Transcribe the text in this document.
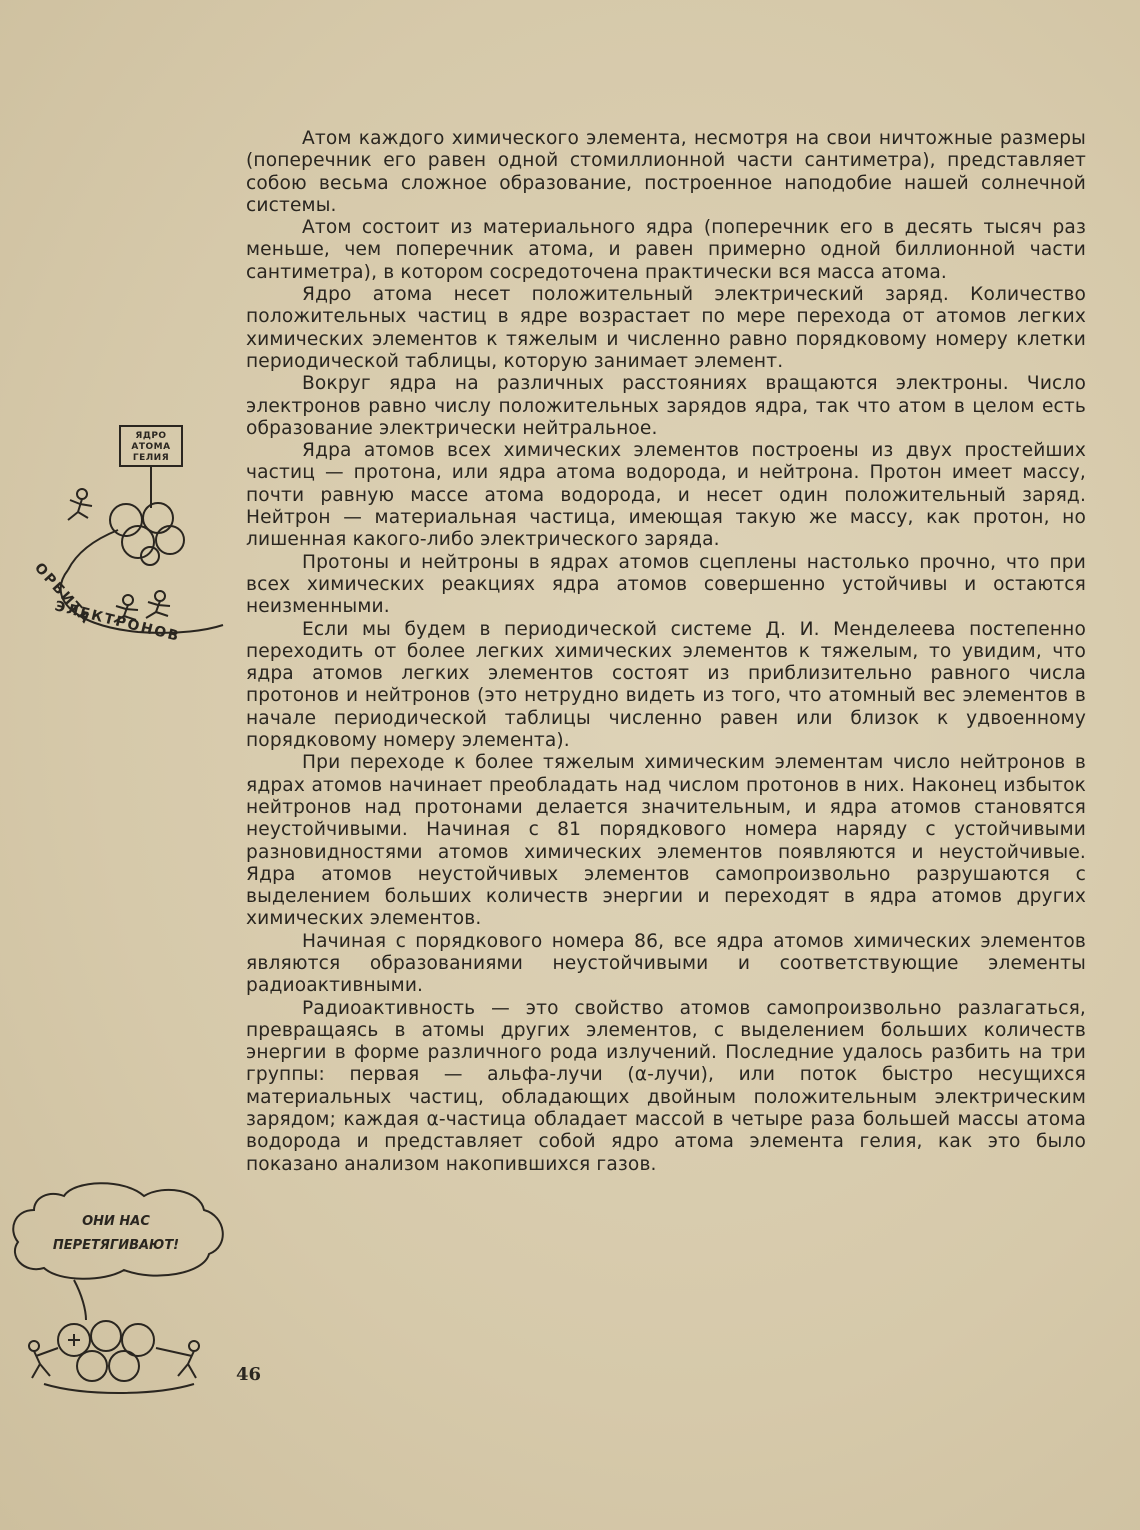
Атом каждого химического элемента, несмотря на свои ничтожные размеры (поперечник его равен одной стомиллионной части сантиметра), представляет собою весьма сложное образование, построенное наподобие нашей солнечной системы.

Атом состоит из материального ядра (поперечник его в десять тысяч раз меньше, чем поперечник атома, и равен примерно одной биллионной части сантиметра), в котором сосредоточена практически вся масса атома.

Ядро атома несет положительный электрический заряд. Количество положительных частиц в ядре возрастает по мере перехода от атомов легких химических элементов к тяжелым и численно равно порядковому номеру клетки периодической таблицы, которую занимает элемент.

Вокруг ядра на различных расстояниях вращаются электроны. Число электронов равно числу положительных зарядов ядра, так что атом в целом есть образование электрически нейтральное.

Ядра атомов всех химических элементов построены из двух простейших частиц — протона, или ядра атома водорода, и нейтрона. Протон имеет массу, почти равную массе атома водорода, и несет один положительный заряд. Нейтрон — материальная частица, имеющая такую же массу, как протон, но лишенная какого-либо электрического заряда.

Протоны и нейтроны в ядрах атомов сцеплены настолько прочно, что при всех химических реакциях ядра атомов совершенно устойчивы и остаются неизменными.

Если мы будем в периодической системе Д. И. Менделеева постепенно переходить от более легких химических элементов к тяжелым, то увидим, что ядра атомов легких элементов состоят из приблизительно равного числа протонов и нейтронов (это нетрудно видеть из того, что атомный вес элементов в начале периодической таблицы численно равен или близок к удвоенному порядковому номеру элемента).

При переходе к более тяжелым химическим элементам число нейтронов в ядрах атомов начинает преобладать над числом протонов в них. Наконец избыток нейтронов над протонами делается значительным, и ядра атомов становятся неустойчивыми. Начиная с 81 порядкового номера наряду с устойчивыми разновидностями атомов химических элементов появляются и неустойчивые. Ядра атомов неустойчивых элементов самопроизвольно разрушаются с выделением больших количеств энергии и переходят в ядра атомов других химических элементов.

Начиная с порядкового номера 86, все ядра атомов химических элементов являются образованиями неустойчивыми и соответствующие элементы радиоактивными.

Радиоактивность — это свойство атомов самопроизвольно разлагаться, превращаясь в атомы других элементов, с выделением больших количеств энергии в форме различного рода излучений. Последние удалось разбить на три группы: первая — альфа-лучи (α-лучи), или поток быстро несущихся материальных частиц, обладающих двойным положительным электрическим зарядом; каждая α-частица обладает массой в четыре раза большей массы атома водорода и представляет собой ядро атома элемента гелия, как это было показано анализом накопившихся газов.

46
ЯДРО
АТОМА
ГЕЛИЯ
ОРБИТА
ЭЛЕКТРОНОВ
ОНИ НАС
ПЕРЕТЯГИВАЮТ!
